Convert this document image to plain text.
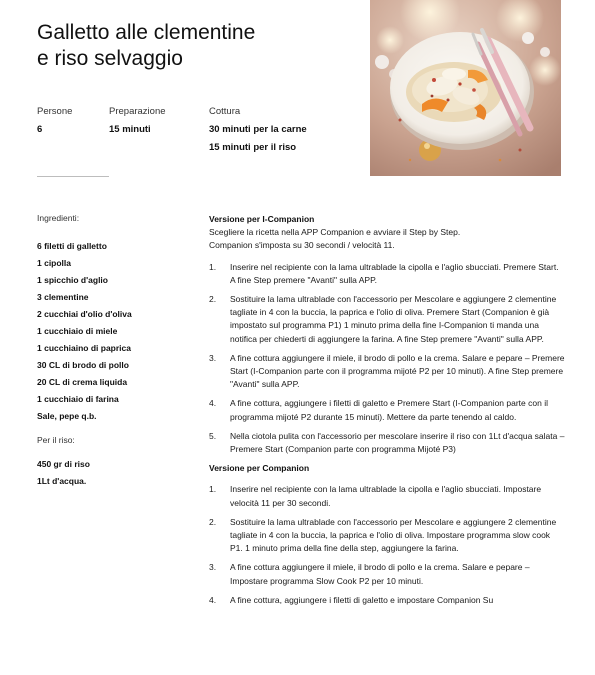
Galletto alle clementine
e riso selvaggio
Persone
6
Preparazione
15 minuti
Cottura
30 minuti per la carne
15 minuti per il riso
Ingredienti:
6 filetti di galletto
1 cipolla
1 spicchio d'aglio
3 clementine
2 cucchiai d'olio d'oliva
1 cucchiaio di miele
1 cucchiaino di paprica
30 CL di brodo di pollo
20 CL di crema liquida
1 cucchiaio di farina
Sale, pepe q.b.
Per il riso:
450 gr di riso
1Lt d'acqua.

Versione per I-Companion

Scegliere la ricetta nella APP Companion e avviare il Step by Step.

Companion s'imposta su 30 secondi / velocità 11.

1. Inserire nel recipiente con la lama ultrablade la cipolla e l'aglio sbucciati. Premere Start. A fine Step premere "Avanti" sulla APP.
2. Sostituire la lama ultrablade con l'accessorio per Mescolare e aggiungere 2 clementine tagliate in 4 con la buccia, la paprica e l'olio di oliva. Premere Start (Companion è già impostato sul programma P1) 1 minuto prima della fine I-Companion ti manda una notifica per chiederti di aggiungere la farina. A fine Step premere "Avanti" sulla APP.
3. A fine cottura aggiungere il miele, il brodo di pollo e la crema. Salare e pepare – Premere Start (I-Companion parte con il programma mijoté P2 per 10 minuti). A fine Step premere "Avanti" sulla APP.
4. A fine cottura, aggiungere i filetti di galetto e Premere Start (I-Companion parte con il programma mijoté P2 durante 15 minuti). Mettere da parte tenendo al caldo.
5. Nella ciotola pulita con l'accessorio per mescolare inserire il riso con 1Lt d'acqua salata – Premere Start (Companion parte con programma Mijoté P3)

Versione per Companion

1. Inserire nel recipiente con la lama ultrablade la cipolla e l'aglio sbucciati. Impostare velocità 11 per 30 secondi.
2. Sostituire la lama ultrablade con l'accessorio per Mescolare e aggiungere 2 clementine tagliate in 4 con la buccia, la paprica e l'olio di oliva. Impostare programma slow cook P1. 1 minuto prima della fine della step, aggiungere la farina.
3. A fine cottura aggiungere il miele, il brodo di pollo e la crema. Salare e pepare – Impostare programma Slow Cook P2 per 10 minuti.
4. A fine cottura, aggiungere i filetti di galetto e impostare Companion Su
